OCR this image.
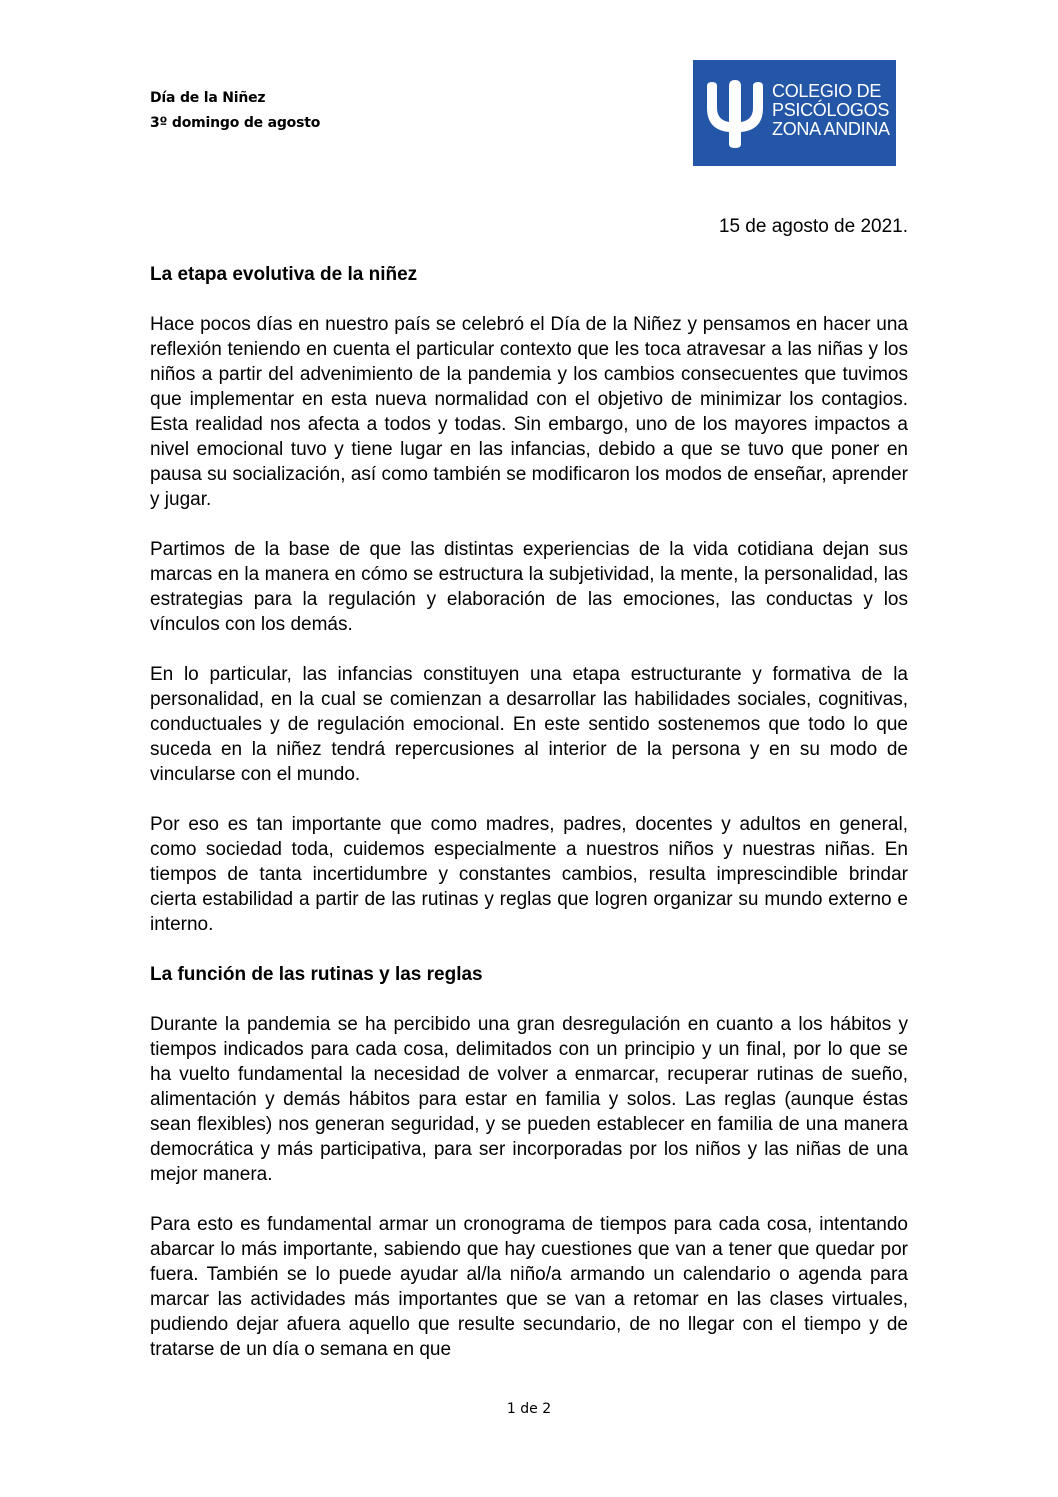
Día de la Niñez
3º domingo de agosto
COLEGIO DE
PSICÓLOGOS
ZONA ANDINA
15 de agosto de 2021.
La etapa evolutiva de la niñez

Hace pocos días en nuestro país se celebró el Día de la Niñez y pensamos en hacer una reflexión teniendo en cuenta el particular contexto que les toca atravesar a las niñas y los niños a partir del advenimiento de la pandemia y los cambios consecuentes que tuvimos que implementar en esta nueva normalidad con el objetivo de minimizar los contagios. Esta realidad nos afecta a todos y todas. Sin embargo, uno de los mayores impactos a nivel emocional tuvo y tiene lugar en las infancias, debido a que se tuvo que poner en pausa su socialización, así como también se modificaron los modos de enseñar, aprender y jugar.

Partimos de la base de que las distintas experiencias de la vida cotidiana dejan sus marcas en la manera en cómo se estructura la subjetividad, la mente, la personalidad, las estrategias para la regulación y elaboración de las emociones, las conductas y los vínculos con los demás.

En lo particular, las infancias constituyen una etapa estructurante y formativa de la personalidad, en la cual se comienzan a desarrollar las habilidades sociales, cognitivas, conductuales y de regulación emocional. En este sentido sostenemos que todo lo que suceda en la niñez tendrá repercusiones al interior de la persona y en su modo de vincularse con el mundo.

Por eso es tan importante que como madres, padres, docentes y adultos en general, como sociedad toda, cuidemos especialmente a nuestros niños y nuestras niñas. En tiempos de tanta incertidumbre y constantes cambios, resulta imprescindible brindar cierta estabilidad a partir de las rutinas y reglas que logren organizar su mundo externo e interno.

La función de las rutinas y las reglas

Durante la pandemia se ha percibido una gran desregulación en cuanto a los hábitos y tiempos indicados para cada cosa, delimitados con un principio y un final, por lo que se ha vuelto fundamental la necesidad de volver a enmarcar, recuperar rutinas de sueño, alimentación y demás hábitos para estar en familia y solos. Las reglas (aunque éstas sean flexibles) nos generan seguridad, y se pueden establecer en familia de una manera democrática y más participativa, para ser incorporadas por los niños y las niñas de una mejor manera.

Para esto es fundamental armar un cronograma de tiempos para cada cosa, intentando abarcar lo más importante, sabiendo que hay cuestiones que van a tener que quedar por fuera. También se lo puede ayudar al/la niño/a armando un calendario o agenda para marcar las actividades más importantes que se van a retomar en las clases virtuales, pudiendo dejar afuera aquello que resulte secundario, de no llegar con el tiempo y de tratarse de un día o semana en que

1 de 2
